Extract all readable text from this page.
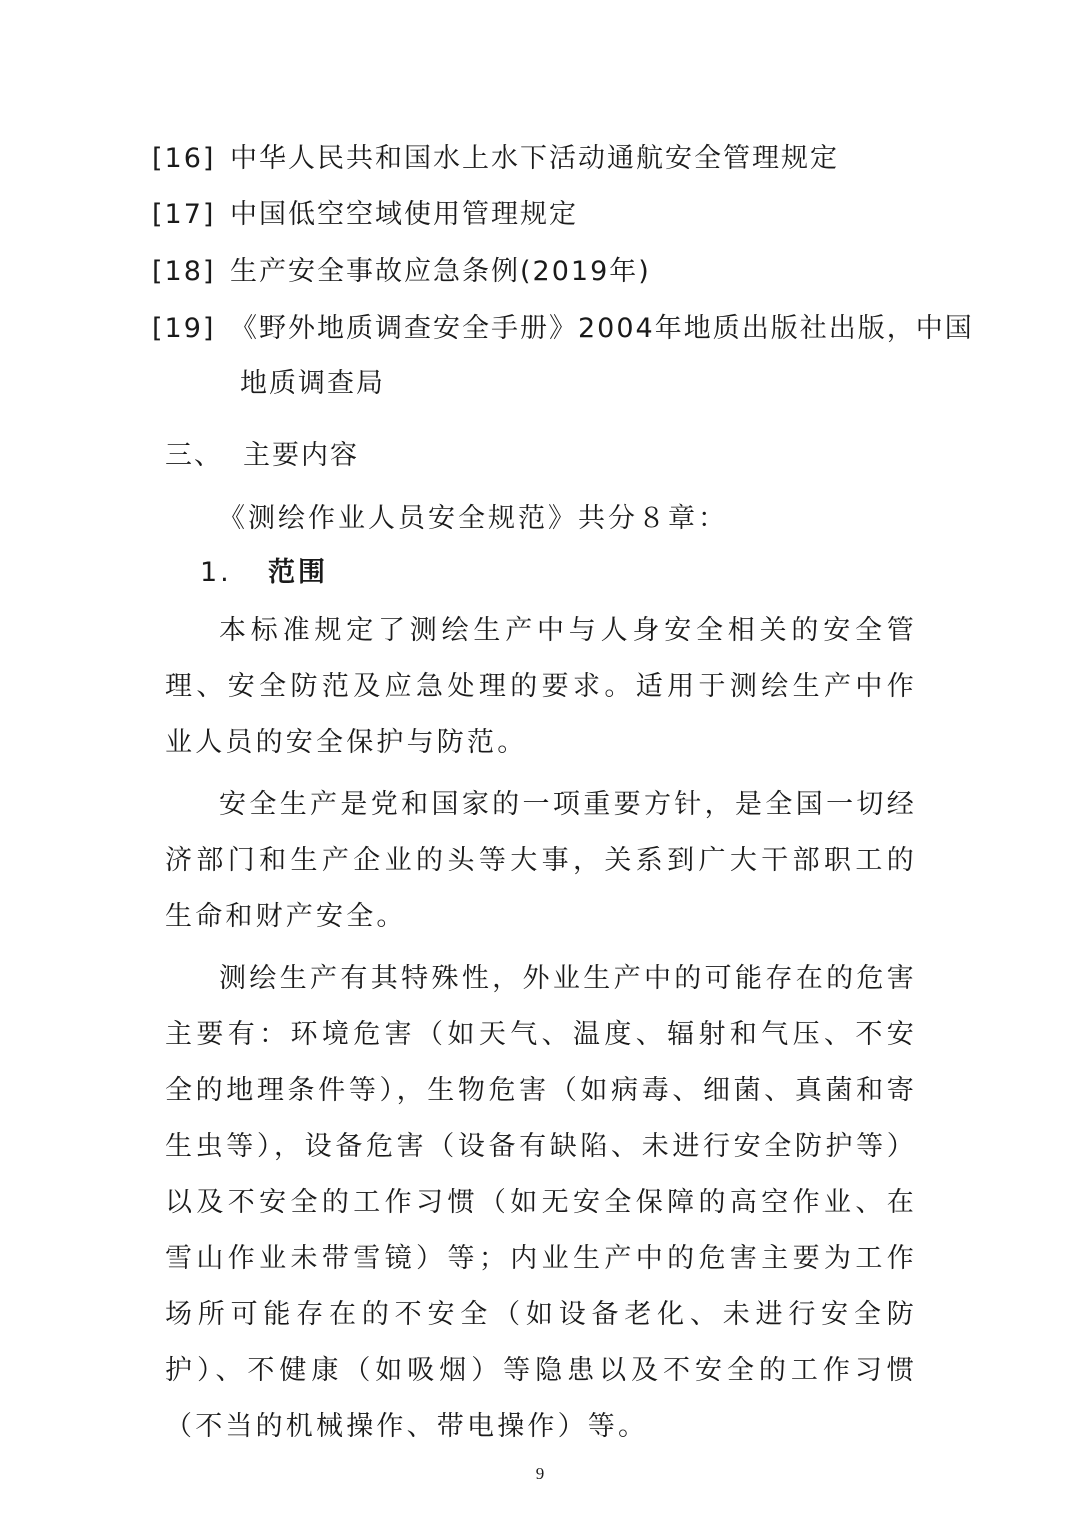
[16] 中华人民共和国水上水下活动通航安全管理规定
[17] 中国低空空域使用管理规定
[18] 生产安全事故应急条例(2019年)
[19] 《野外地质调查安全手册》2004年地质出版社出版，中国
地质调查局
三、 主要内容
《测绘作业人员安全规范》共分８章：
1. 范围

本标准规定了测绘生产中与人身安全相关的安全管理、安全防范及应急处理的要求。适用于测绘生产中作业人员的安全保护与防范。

安全生产是党和国家的一项重要方针，是全国一切经济部门和生产企业的头等大事，关系到广大干部职工的生命和财产安全。

测绘生产有其特殊性，外业生产中的可能存在的危害主要有：环境危害（如天气、温度、辐射和气压、不安全的地理条件等），生物危害（如病毒、细菌、真菌和寄生虫等），设备危害（设备有缺陷、未进行安全防护等）以及不安全的工作习惯（如无安全保障的高空作业、在雪山作业未带雪镜）等；内业生产中的危害主要为工作场所可能存在的不安全（如设备老化、未进行安全防护）、不健康（如吸烟）等隐患以及不安全的工作习惯（不当的机械操作、带电操作）等。

9
